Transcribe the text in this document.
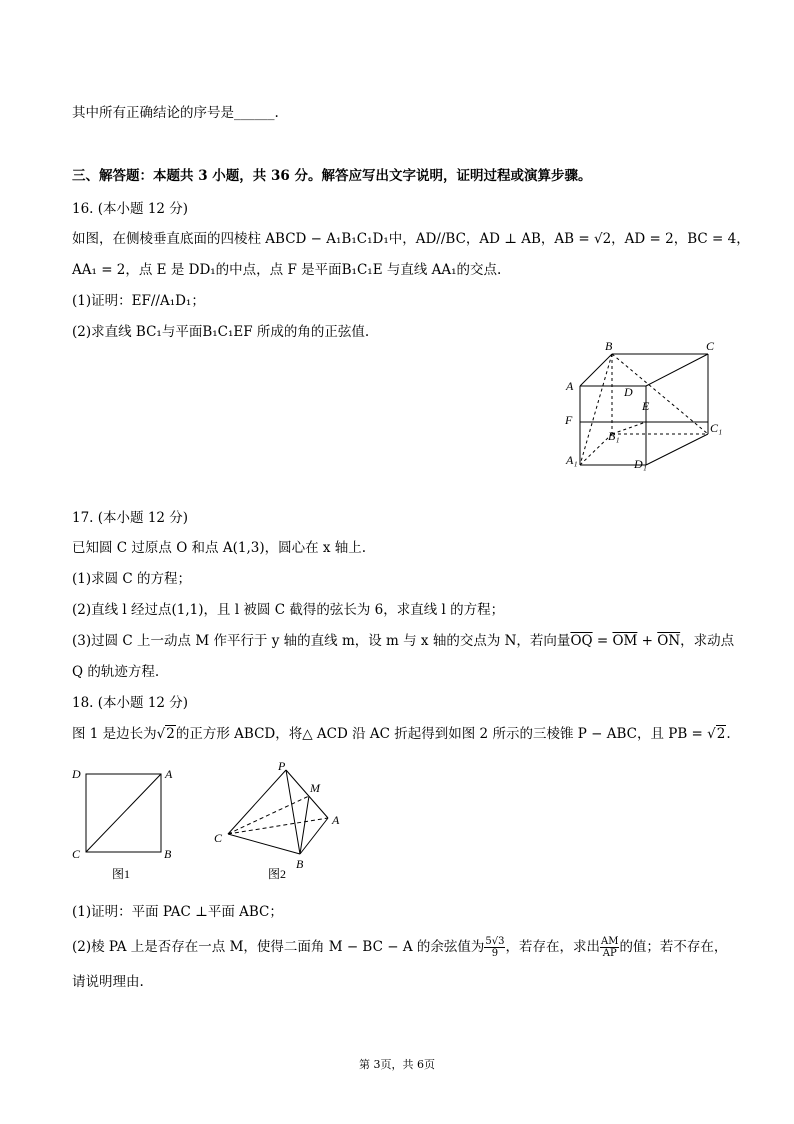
其中所有正确结论的序号是______.
三、解答题：本题共 3 小题，共 36 分。解答应写出文字说明，证明过程或演算步骤。
16. (本小题 12 分)
如图，在侧棱垂直底面的四棱柱 ABCD − A₁B₁C₁D₁中，AD//BC，AD ⊥ AB，AB = √2，AD = 2，BC = 4，
AA₁ = 2，点 E 是 DD₁的中点，点 F 是平面B₁C₁E 与直线 AA₁的交点.
(1)证明：EF//A₁D₁；
(2)求直线 BC₁与平面B₁C₁EF 所成的角的正弦值.
B	C
A	D
E
F
B₁
C₁
A₁	D₁
17. (本小题 12 分)
已知圆 C 过原点 O 和点 A(1,3)，圆心在 x 轴上.
(1)求圆 C 的方程；
(2)直线 l 经过点(1,1)，且 l 被圆 C 截得的弦长为 6，求直线 l 的方程；
(3)过圆 C 上一动点 M 作平行于 y 轴的直线 m，设 m 与 x 轴的交点为 N，若向量$\overline{OQ} = \overline{OM} + \overline{ON}$，求动点
Q 的轨迹方程.
18. (本小题 12 分)
图 1 是边长为√2的正方形 ABCD，将△ ACD 沿 AC 折起得到如图 2 所示的三棱锥 P − ABC，且 PB = √2.
D	A
C	B
图1
P
M
A
C
B
图2
(1)证明：平面 PAC ⊥平面 ABC；
(2)棱 PA 上是否存在一点 M，使得二面角 M − BC − A 的余弦值为 $\frac{5√3}{9}$ ，若存在，求出 $\frac{AM}{AP}$ 的值；若不存在，
请说明理由.
第 3页，共 6页
